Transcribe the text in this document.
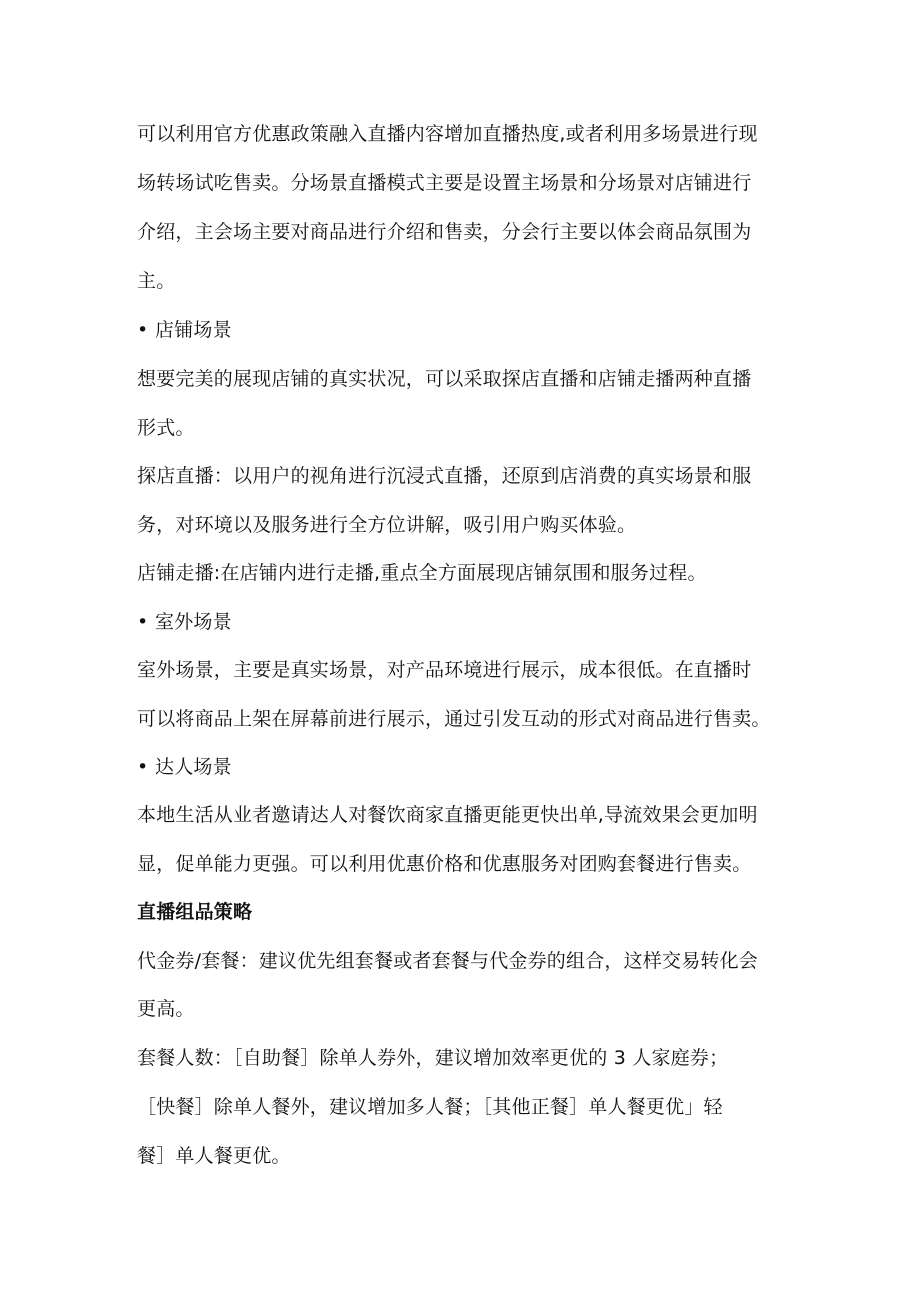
可以利用官方优惠政策融入直播内容增加直播热度,或者利用多场景进行现
场转场试吃售卖。分场景直播模式主要是设置主场景和分场景对店铺进行
介绍，主会场主要对商品进行介绍和售卖，分会行主要以体会商品氛围为
主。
• 店铺场景
想要完美的展现店铺的真实状况，可以采取探店直播和店铺走播两种直播
形式。
探店直播：以用户的视角进行沉浸式直播，还原到店消费的真实场景和服
务，对环境以及服务进行全方位讲解，吸引用户购买体验。
店铺走播:在店铺内进行走播,重点全方面展现店铺氛围和服务过程。
• 室外场景
室外场景，主要是真实场景，对产品环境进行展示，成本很低。在直播时
可以将商品上架在屏幕前进行展示，通过引发互动的形式对商品进行售卖。
• 达人场景
本地生活从业者邀请达人对餐饮商家直播更能更快出单,导流效果会更加明
显，促单能力更强。可以利用优惠价格和优惠服务对团购套餐进行售卖。
直播组品策略
代金券/套餐：建议优先组套餐或者套餐与代金券的组合，这样交易转化会
更高。
套餐人数：［自助餐］除单人券外，建议增加效率更优的 3 人家庭券；
［快餐］除单人餐外，建议增加多人餐；［其他正餐］单人餐更优」轻
餐］单人餐更优。
